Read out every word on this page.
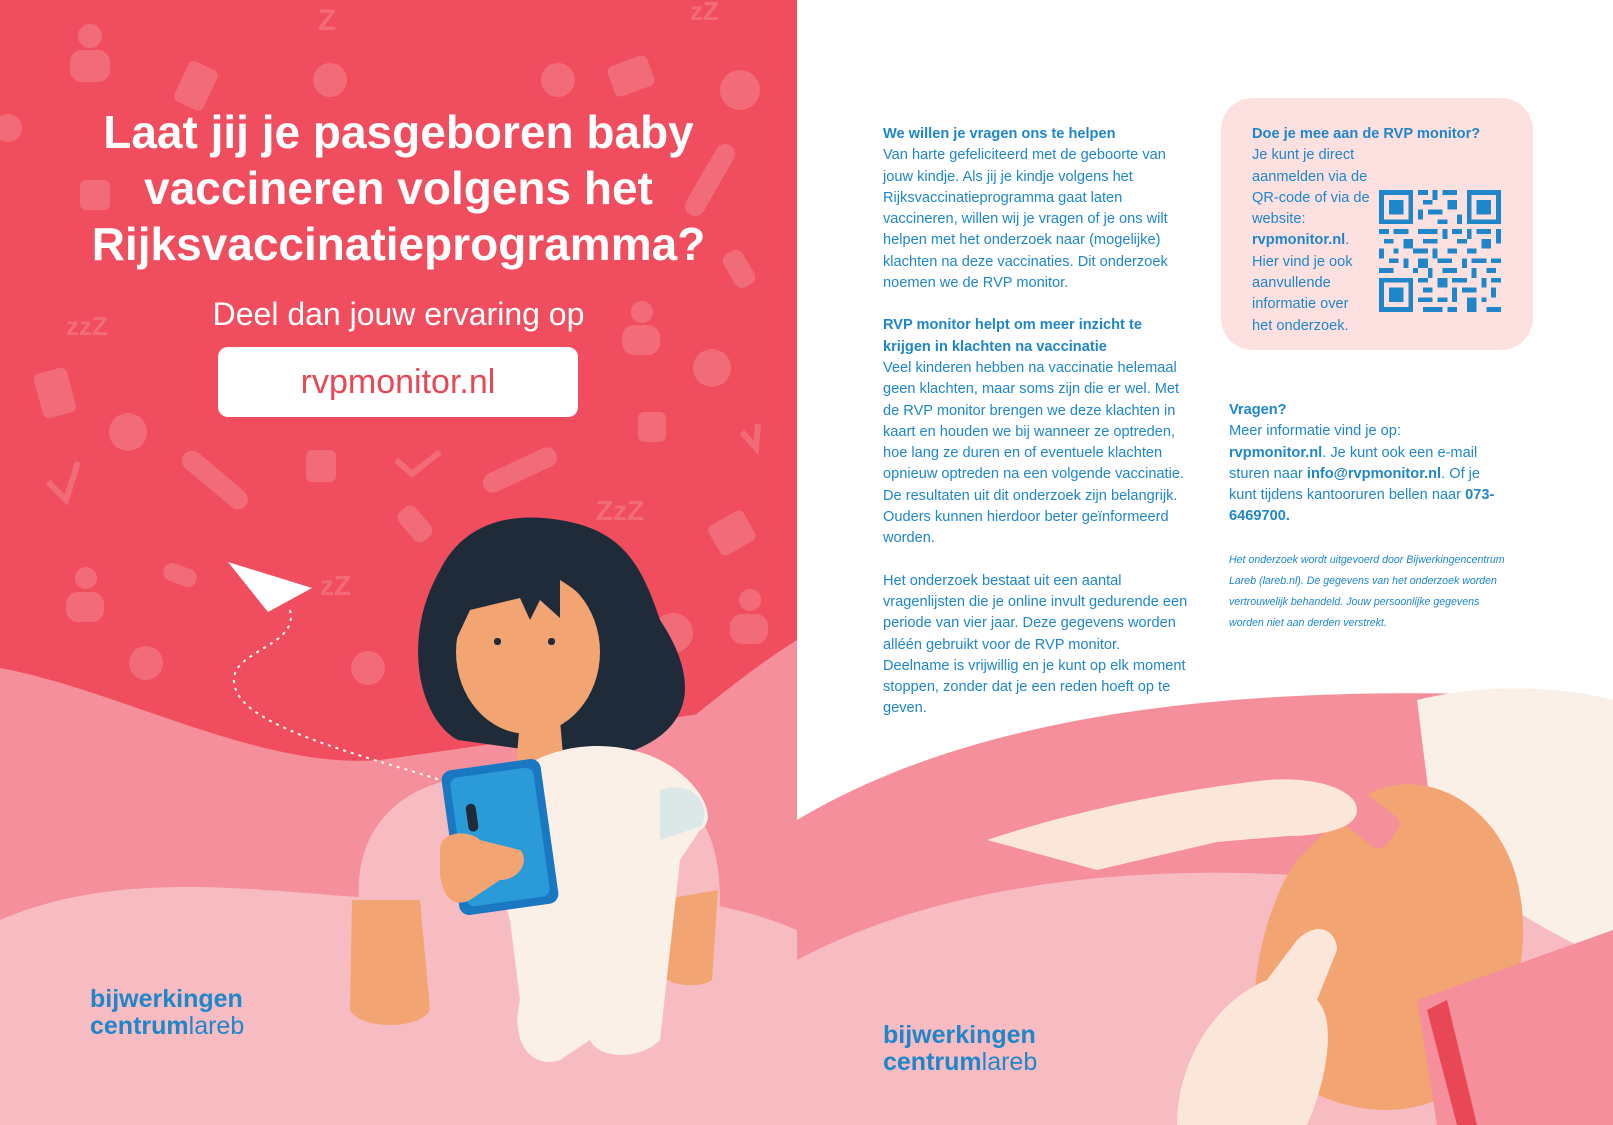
zzZ
zZ
ZzZ
Z	zZ
Laat jij je pasgeboren baby
vaccineren volgens het
Rijksvaccinatieprogramma?

Deel dan jouw ervaring op

rvpmonitor.nl
bijwerkingen
centrumlareb
We willen je vragen ons te helpen

Van harte gefeliciteerd met de geboorte van jouw kindje. Als jij je kindje volgens het Rijksvaccinatieprogramma gaat laten vaccineren, willen wij je vragen of je ons wilt helpen met het onderzoek naar (mogelijke) klachten na deze vaccinaties. Dit onderzoek noemen we de RVP monitor.

RVP monitor helpt om meer inzicht te krijgen in klachten na vaccinatie

Veel kinderen hebben na vaccinatie helemaal geen klachten, maar soms zijn die er wel. Met de RVP monitor brengen we deze klachten in kaart en houden we bij wanneer ze optreden, hoe lang ze duren en of eventuele klachten opnieuw optreden na een volgende vaccinatie. De resultaten uit dit onderzoek zijn belangrijk. Ouders kunnen hierdoor beter geïnformeerd worden.

Het onderzoek bestaat uit een aantal vragenlijsten die je online invult gedurende een periode van vier jaar. Deze gegevens worden alléén gebruikt voor de RVP monitor. Deelname is vrijwillig en je kunt op elk moment stoppen, zonder dat je een reden hoeft op te geven.

Doe je mee aan de RVP monitor?
Je kunt je direct aanmelden via de QR-code of via de website: rvpmonitor.nl. Hier vind je ook aanvullende informatie over het onderzoek.
Vragen?

Meer informatie vind je op: rvpmonitor.nl. Je kunt ook een e-mail sturen naar info@rvpmonitor.nl. Of je kunt tijdens kantooruren bellen naar 073-6469700.

Het onderzoek wordt uitgevoerd door Bijwerkingencentrum Lareb (lareb.nl). De gegevens van het onderzoek worden vertrouwelijk behandeld. Jouw persoonlijke gegevens worden niet aan derden verstrekt.
bijwerkingen
centrumlareb
